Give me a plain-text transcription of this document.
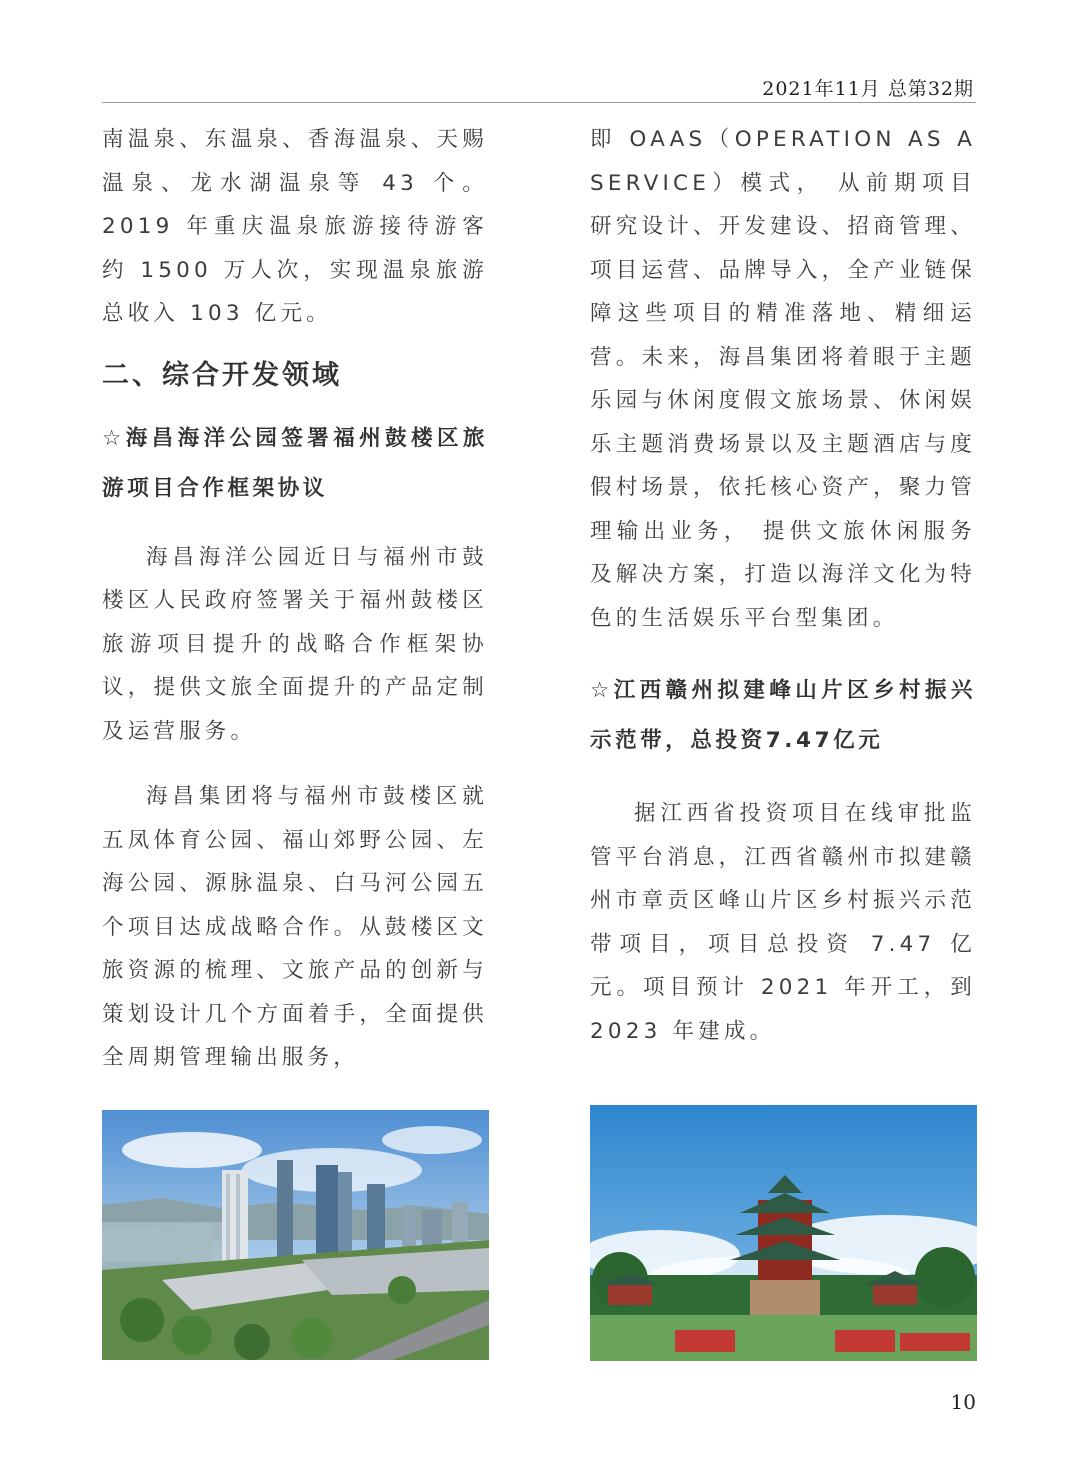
2021年11月 总第32期

南温泉、东温泉、香海温泉、天赐温泉、龙水湖温泉等 43 个。2019 年重庆温泉旅游接待游客约 1500 万人次，实现温泉旅游总收入 103 亿元。

二、综合开发领域
☆海昌海洋公园签署福州鼓楼区旅游项目合作框架协议

海昌海洋公园近日与福州市鼓楼区人民政府签署关于福州鼓楼区旅游项目提升的战略合作框架协议，提供文旅全面提升的产品定制及运营服务。

海昌集团将与福州市鼓楼区就五凤体育公园、福山郊野公园、左海公园、源脉温泉、白马河公园五个项目达成战略合作。从鼓楼区文旅资源的梳理、文旅产品的创新与策划设计几个方面着手，全面提供全周期管理输出服务，

即 OAAS（OPERATION AS A SERVICE）模式， 从前期项目研究设计、开发建设、招商管理、项目运营、品牌导入，全产业链保障这些项目的精准落地、精细运营。未来，海昌集团将着眼于主题乐园与休闲度假文旅场景、休闲娱乐主题消费场景以及主题酒店与度假村场景，依托核心资产，聚力管理输出业务， 提供文旅休闲服务及解决方案，打造以海洋文化为特色的生活娱乐平台型集团。

☆江西赣州拟建峰山片区乡村振兴示范带，总投资7.47亿元

据江西省投资项目在线审批监管平台消息，江西省赣州市拟建赣州市章贡区峰山片区乡村振兴示范带项目，项目总投资 7.47 亿元。项目预计 2021 年开工，到 2023 年建成。

10
